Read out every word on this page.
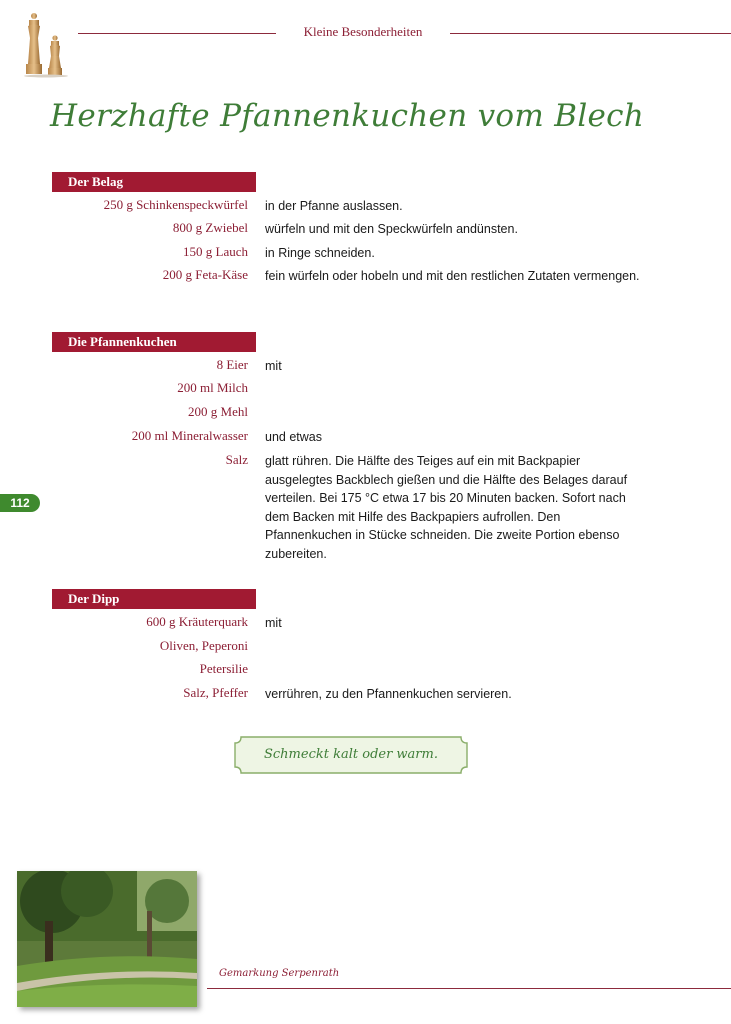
Kleine Besonderheiten
Herzhafte Pfannenkuchen vom Blech
Der Belag
250 g Schinkenspeckwürfel in der Pfanne auslassen.
800 g Zwiebel würfeln und mit den Speckwürfeln andünsten.
150 g Lauch in Ringe schneiden.
200 g Feta-Käse fein würfeln oder hobeln und mit den restlichen Zutaten vermengen.
Die Pfannenkuchen
8 Eier mit
200 ml Milch
200 g Mehl
200 ml Mineralwasser und etwas
Salz glatt rühren. Die Hälfte des Teiges auf ein mit Backpapier ausgelegtes Backblech gießen und die Hälfte des Belages darauf verteilen. Bei 175 °C etwa 17 bis 20 Minuten backen. Sofort nach dem Backen mit Hilfe des Backpapiers aufrollen. Den Pfannenkuchen in Stücke schneiden. Die zweite Portion ebenso zubereiten.
112
Der Dipp
600 g Kräuterquark mit
Oliven, Peperoni
Petersilie
Salz, Pfeffer verrühren, zu den Pfannenkuchen servieren.
Schmeckt kalt oder warm.
Gemarkung Serpenrath
